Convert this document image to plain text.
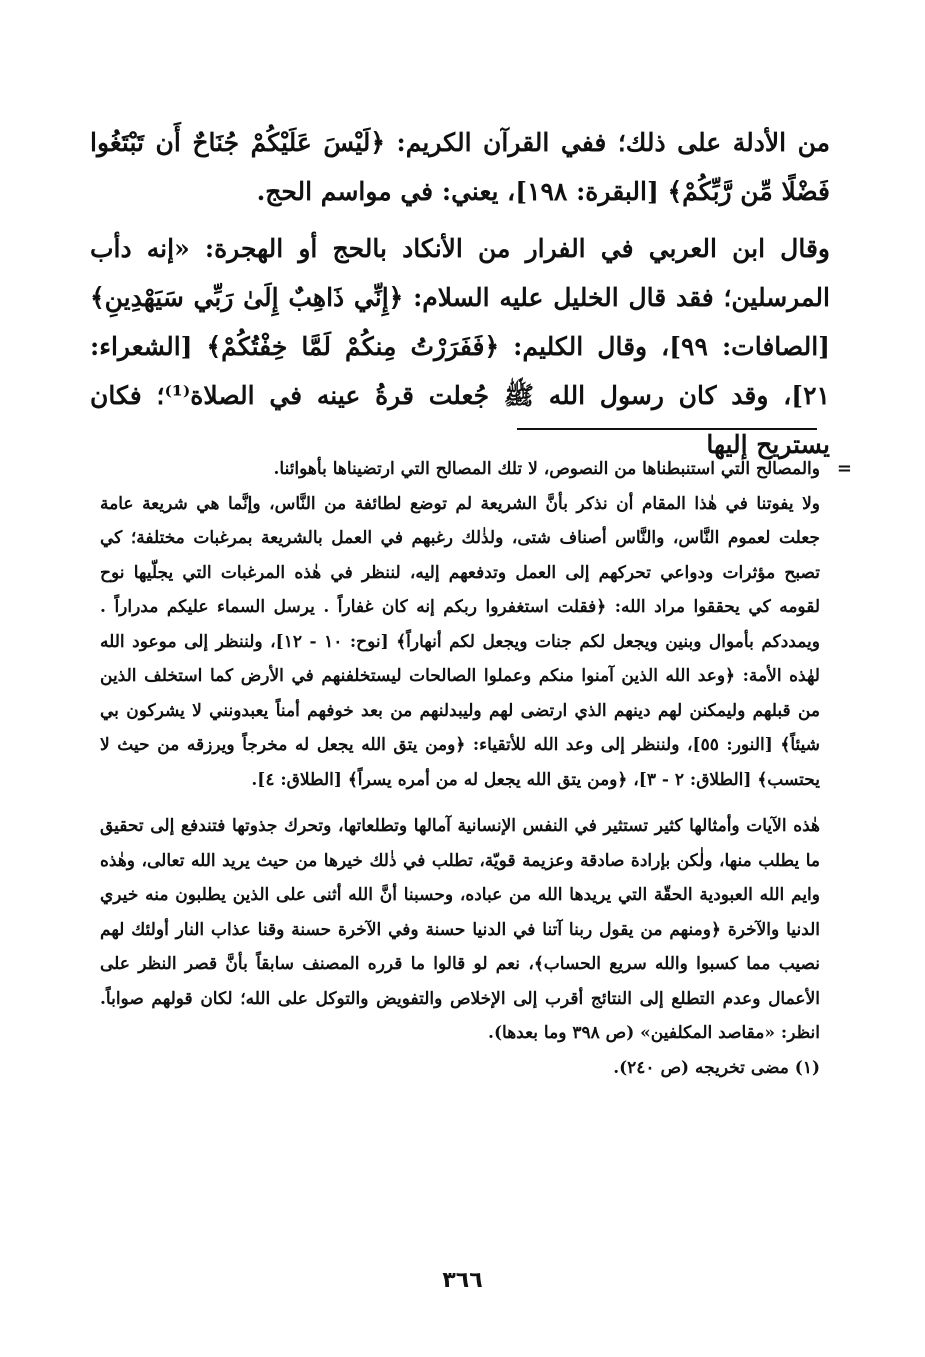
من الأدلة على ذلك؛ ففي القرآن الكريم: ﴿لَيْسَ عَلَيْكُمْ جُنَاحٌ أَن تَبْتَغُوا فَضْلًا مِّن رَّبِّكُمْ﴾ [البقرة: ١٩٨]، يعني: في مواسم الحج.

وقال ابن العربي في الفرار من الأنكاد بالحج أو الهجرة: «إنه دأب المرسلين؛ فقد قال الخليل عليه السلام: ﴿إِنِّي ذَاهِبٌ إِلَىٰ رَبِّي سَيَهْدِينِ﴾ [الصافات: ٩٩]، وقال الكليم: ﴿فَفَرَرْتُ مِنكُمْ لَمَّا خِفْتُكُمْ﴾ [الشعراء: ٢١]، وقد كان رسول الله ﷺ جُعلت قرةُ عينه في الصلاة⁽¹⁾؛ فكان يستريح إليها

=
والمصالح التي استنبطناها من النصوص، لا تلك المصالح التي ارتضيناها بأهوائنا.

ولا يفوتنا في هٰذا المقام أن نذكر بأنَّ الشريعة لم توضع لطائفة من النَّاس، وإنَّما هي شريعة عامة جعلت لعموم النَّاس، والنَّاس أصناف شتى، ولذٰلك رغبهم في العمل بالشريعة بمرغبات مختلفة؛ كي تصبح مؤثرات ودواعي تحركهم إلى العمل وتدفعهم إليه، لننظر في هٰذه المرغبات التي يجلّيها نوح لقومه كي يحققوا مراد الله: ﴿فقلت استغفروا ربكم إنه كان غفاراً . يرسل السماء عليكم مدراراً . ويمددكم بأموال وبنين ويجعل لكم جنات ويجعل لكم أنهاراً﴾ [نوح: ١٠ - ١٢]، ولننظر إلى موعود الله لهٰذه الأمة: ﴿وعد الله الذين آمنوا منكم وعملوا الصالحات ليستخلفنهم في الأرض كما استخلف الذين من قبلهم وليمكنن لهم دينهم الذي ارتضى لهم وليبدلنهم من بعد خوفهم أمناً يعبدونني لا يشركون بي شيئاً﴾ [النور: ٥٥]، ولننظر إلى وعد الله للأتقياء: ﴿ومن يتق الله يجعل له مخرجاً ويرزقه من حيث لا يحتسب﴾ [الطلاق: ٢ - ٣]، ﴿ومن يتق الله يجعل له من أمره يسراً﴾ [الطلاق: ٤].

هٰذه الآيات وأمثالها كثير تستثير في النفس الإنسانية آمالها وتطلعاتها، وتحرك جذوتها فتندفع إلى تحقيق ما يطلب منها، ولٰكن بإرادة صادقة وعزيمة قويّة، تطلب في ذٰلك خيرها من حيث يريد الله تعالى، وهٰذه وايم الله العبودية الحقّة التي يريدها الله من عباده، وحسبنا أنَّ الله أثنى على الذين يطلبون منه خيري الدنيا والآخرة ﴿ومنهم من يقول ربنا آتنا في الدنيا حسنة وفي الآخرة حسنة وقنا عذاب النار أولئك لهم نصيب مما كسبوا والله سريع الحساب﴾، نعم لو قالوا ما قرره المصنف سابقاً بأنَّ قصر النظر على الأعمال وعدم التطلع إلى النتائج أقرب إلى الإخلاص والتفويض والتوكل على الله؛ لكان قولهم صواباً. انظر: «مقاصد المكلفين» (ص ٣٩٨ وما بعدها).

(١) مضى تخريجه (ص ٢٤٠).

٣٦٦
